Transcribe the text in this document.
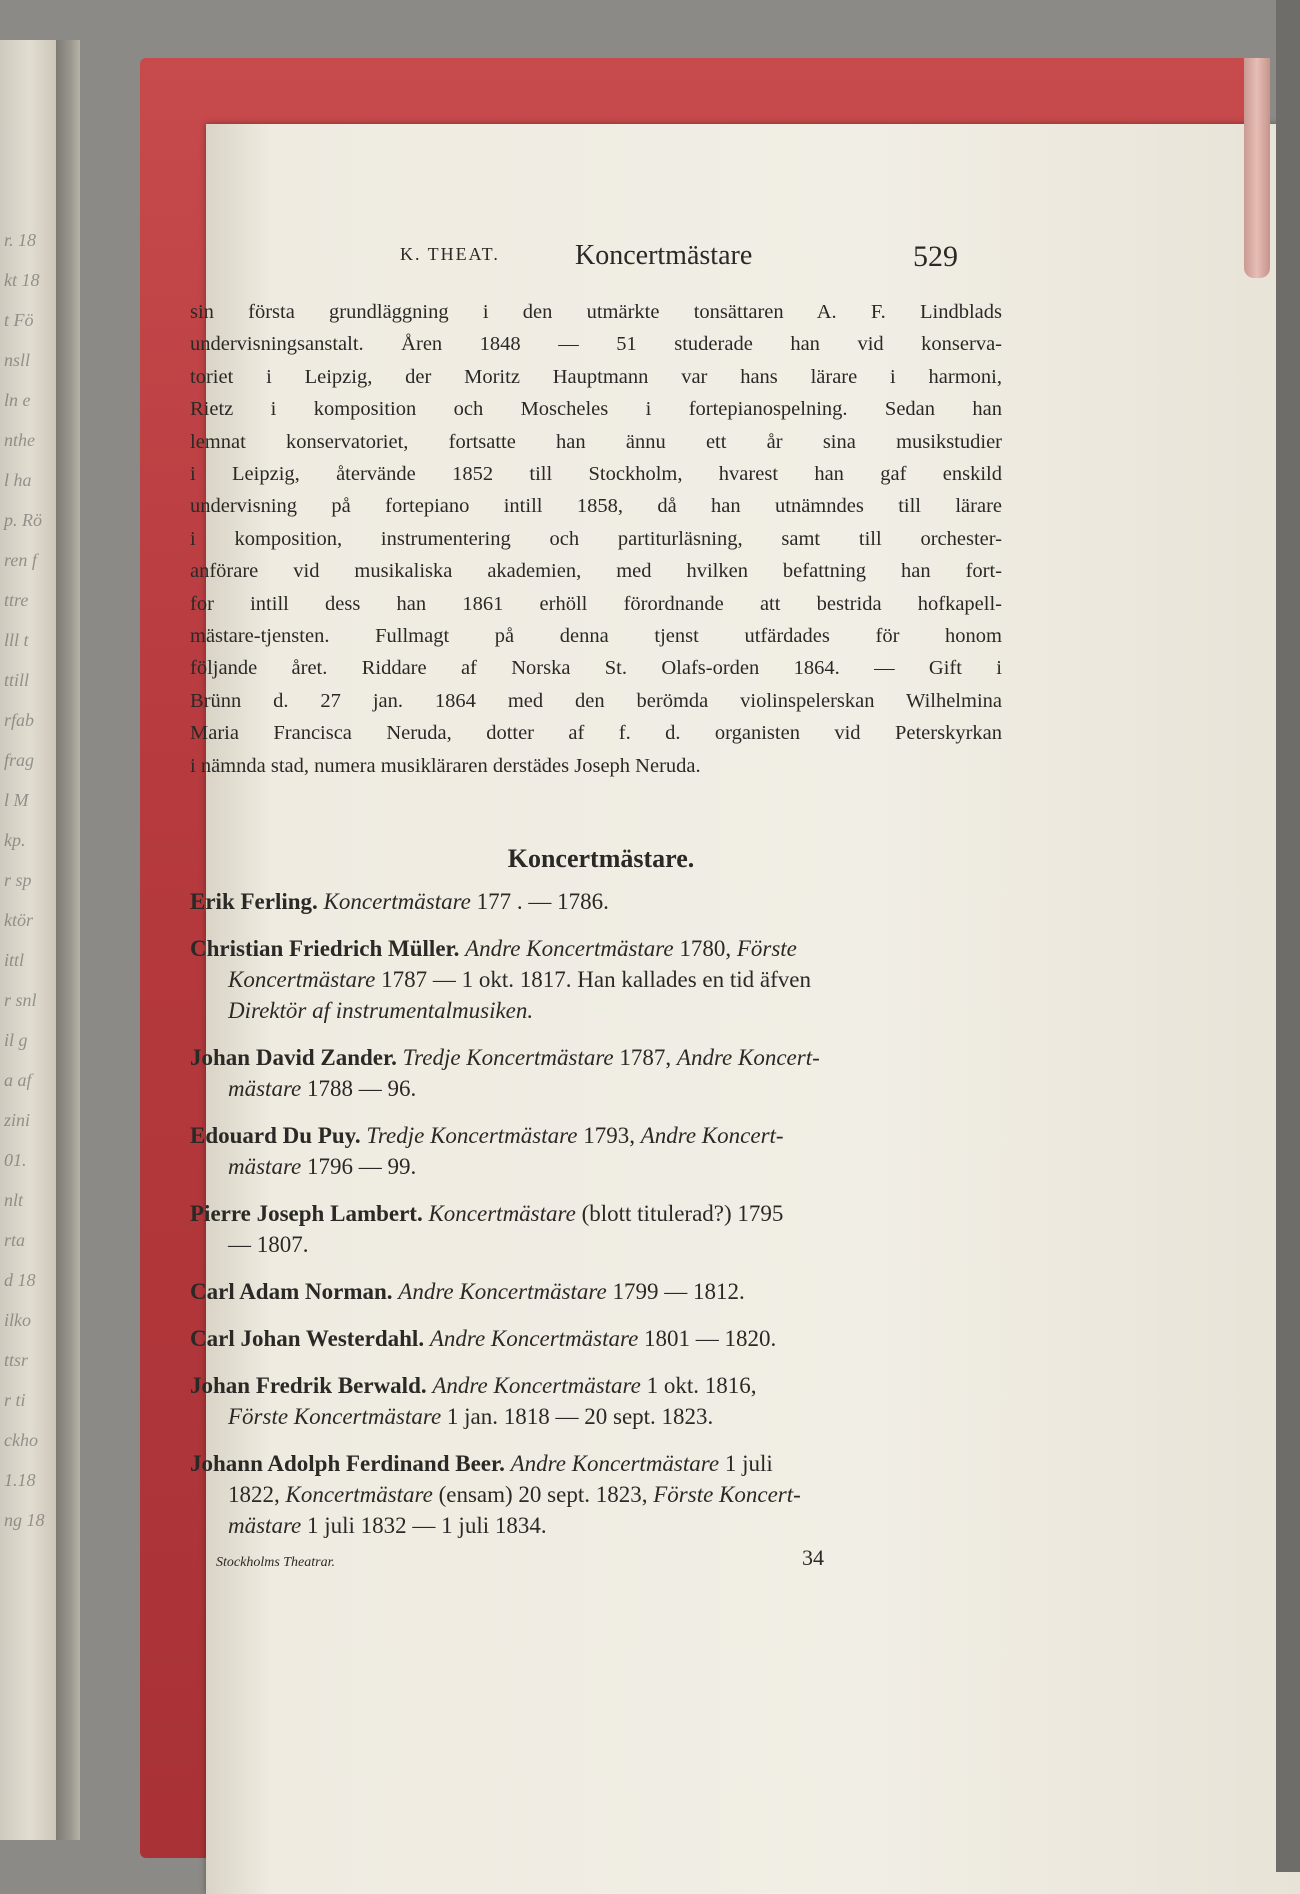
r. 18
kt 18
t Fö
nsll
ln e
nthe
l ha
p. Rö
ren f
ttre
lll t
ttill
rfab
frag
l M
kp.
r sp
ktör
ittl
r snl
il g
a af
zini
01.
nlt
rta
d 18
ilko
ttsr
r ti
ckho
1.18
ng 18
K. THEAT.	Koncertmästare	529
sin första grundläggning i den utmärkte tonsättaren A. F. Lindblads
undervisningsanstalt. Åren 1848 — 51 studerade han vid konserva-
toriet i Leipzig, der Moritz Hauptmann var hans lärare i harmoni,
Rietz i komposition och Moscheles i fortepianospelning. Sedan han
lemnat konservatoriet, fortsatte han ännu ett år sina musikstudier
i Leipzig, återvände 1852 till Stockholm, hvarest han gaf enskild
undervisning på fortepiano intill 1858, då han utnämndes till lärare
i komposition, instrumentering och partiturläsning, samt till orchester-
anförare vid musikaliska akademien, med hvilken befattning han fort-
for intill dess han 1861 erhöll förordnande att bestrida hofkapell-
mästare-tjensten. Fullmagt på denna tjenst utfärdades för honom
följande året. Riddare af Norska St. Olafs-orden 1864. — Gift i
Brünn d. 27 jan. 1864 med den berömda violinspelerskan Wilhelmina
Maria Francisca Neruda, dotter af f. d. organisten vid Peterskyrkan
i nämnda stad, numera musikläraren derstädes Joseph Neruda.
Koncertmästare.
Erik Ferling. Koncertmästare 177 . — 1786.
Christian Friedrich Müller. Andre Koncertmästare 1780, Förste
Koncertmästare 1787 — 1 okt. 1817. Han kallades en tid äfven
Direktör af instrumentalmusiken.
Johan David Zander. Tredje Koncertmästare 1787, Andre Koncert-
mästare 1788 — 96.
Edouard Du Puy. Tredje Koncertmästare 1793, Andre Koncert-
mästare 1796 — 99.
Pierre Joseph Lambert. Koncertmästare (blott titulerad?) 1795
— 1807.
Carl Adam Norman. Andre Koncertmästare 1799 — 1812.
Carl Johan Westerdahl. Andre Koncertmästare 1801 — 1820.
Johan Fredrik Berwald. Andre Koncertmästare 1 okt. 1816,
Förste Koncertmästare 1 jan. 1818 — 20 sept. 1823.
Johann Adolph Ferdinand Beer. Andre Koncertmästare 1 juli
1822, Koncertmästare (ensam) 20 sept. 1823, Förste Koncert-
mästare 1 juli 1832 — 1 juli 1834.
Stockholms Theatrar.	34
